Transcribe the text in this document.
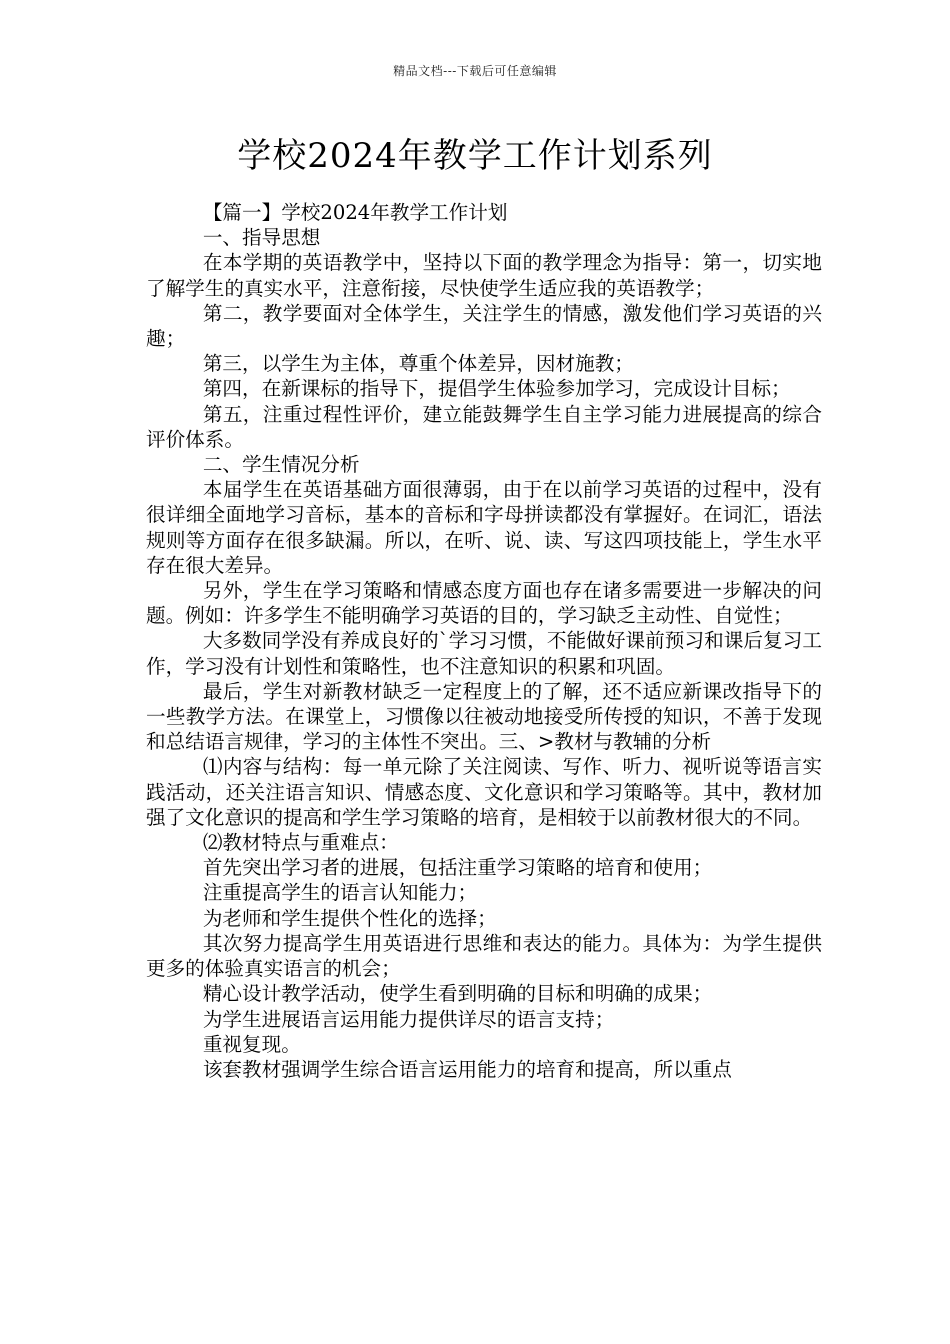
精品文档---下载后可任意编辑
学校2024年教学工作计划系列

【篇一】学校2024年教学工作计划

一、指导思想

在本学期的英语教学中，坚持以下面的教学理念为指导：第一，切实地了解学生的真实水平，注意衔接，尽快使学生适应我的英语教学；

第二，教学要面对全体学生，关注学生的情感，激发他们学习英语的兴趣；

第三，以学生为主体，尊重个体差异，因材施教；

第四，在新课标的指导下，提倡学生体验参加学习，完成设计目标；

第五，注重过程性评价，建立能鼓舞学生自主学习能力进展提高的综合评价体系。

二、学生情况分析

本届学生在英语基础方面很薄弱，由于在以前学习英语的过程中，没有很详细全面地学习音标，基本的音标和字母拼读都没有掌握好。在词汇，语法规则等方面存在很多缺漏。所以，在听、说、读、写这四项技能上，学生水平存在很大差异。

另外，学生在学习策略和情感态度方面也存在诸多需要进一步解决的问题。例如：许多学生不能明确学习英语的目的，学习缺乏主动性、自觉性；

大多数同学没有养成良好的`学习习惯，不能做好课前预习和课后复习工作，学习没有计划性和策略性，也不注意知识的积累和巩固。

最后，学生对新教材缺乏一定程度上的了解，还不适应新课改指导下的一些教学方法。在课堂上，习惯像以往被动地接受所传授的知识，不善于发现和总结语言规律，学习的主体性不突出。三、>教材与教辅的分析

⑴内容与结构：每一单元除了关注阅读、写作、听力、视听说等语言实践活动，还关注语言知识、情感态度、文化意识和学习策略等。其中，教材加强了文化意识的提高和学生学习策略的培育，是相较于以前教材很大的不同。

⑵教材特点与重难点：

首先突出学习者的进展，包括注重学习策略的培育和使用；

注重提高学生的语言认知能力；

为老师和学生提供个性化的选择；

其次努力提高学生用英语进行思维和表达的能力。具体为：为学生提供更多的体验真实语言的机会；

精心设计教学活动，使学生看到明确的目标和明确的成果；

为学生进展语言运用能力提供详尽的语言支持；

重视复现。

该套教材强调学生综合语言运用能力的培育和提高，所以重点
